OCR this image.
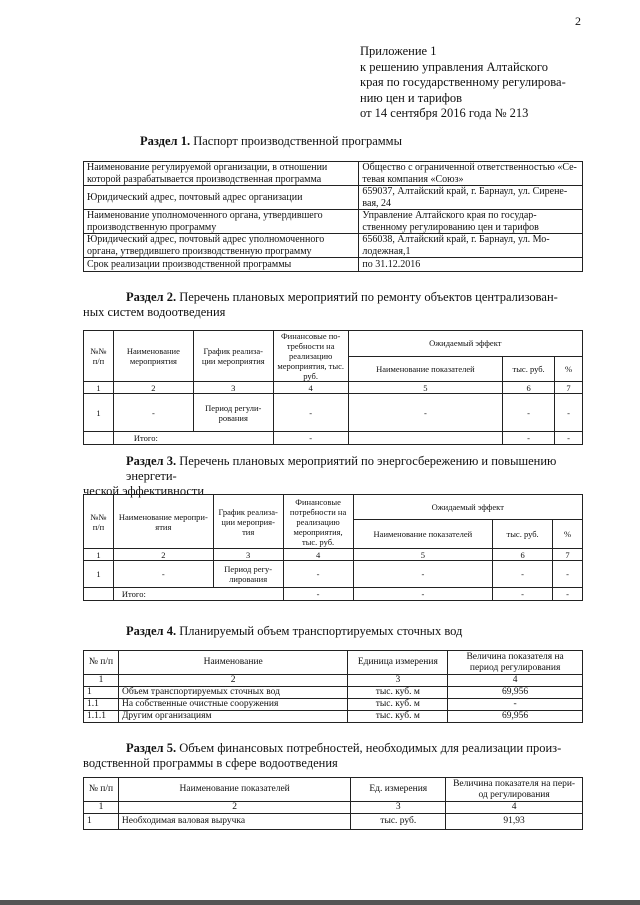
2
Приложение 1
к решению управления Алтайского
края по государственному регулирова-
нию цен и тарифов
от 14 сентября 2016 года № 213
Раздел 1. Паспорт производственной программы
Наименование регулируемой организации, в отношении которой разрабатывается производственная программа	Общество с ограниченной ответственностью «Се-тевая компания «Союз»
Юридический адрес, почтовый адрес организации	659037, Алтайский край, г. Барнаул, ул. Сирене-вая, 24
Наименование уполномоченного органа, утвердившего производственную программу	Управление Алтайского края по государ-ственному регулированию цен и тарифов
Юридический адрес, почтовый адрес уполномоченного органа, утвердившего производственную программу	656038, Алтайский край, г. Барнаул, ул. Мо-лодежная,1
Срок реализации производственной программы	по 31.12.2016
Раздел 2. Перечень плановых мероприятий по ремонту объектов централизован-
ных систем водоотведения
№№ п/п	Наименование мероприятия	График реализа-ции мероприятия	Финансовые по-требности на реализацию мероприятия, тыс. руб.	Ожидаемый эффект		
				Наименование показателей	тыс. руб.	%
1	2	3	4	5	6	7
1	-	Период регули-рования	-	-	-	-
	Итого:		-		-	-
Раздел 3. Перечень плановых мероприятий по энергосбережению и повышению энергети-
ческой эффективности
№№ п/п	Наименование меропри-ятия	График реализа-ции мероприя-тия	Финансовые потребности на реализацию мероприятия, тыс. руб.	Ожидаемый эффект		
				Наименование показателей	тыс. руб.	%
1	2	3	4	5	6	7
1	-	Период регу-лирования	-	-	-	-
	Итого:		-	-	-	-
Раздел 4. Планируемый объем транспортируемых сточных вод
№ п/п	Наименование	Единица измерения	Величина показателя на период регулирования
1	2	3	4
1	Объем транспортируемых сточных вод	тыс. куб. м	69,956
1.1	На собственные очистные сооружения	тыс. куб. м	-
1.1.1	Другим организациям	тыс. куб. м	69,956
Раздел 5. Объем финансовых потребностей, необходимых для реализации произ-
водственной программы в сфере водоотведения
№ п/п	Наименование показателей	Ед. измерения	Величина показателя на пери-од регулирования
1	2	3	4
1	Необходимая валовая выручка	тыс. руб.	91,93
